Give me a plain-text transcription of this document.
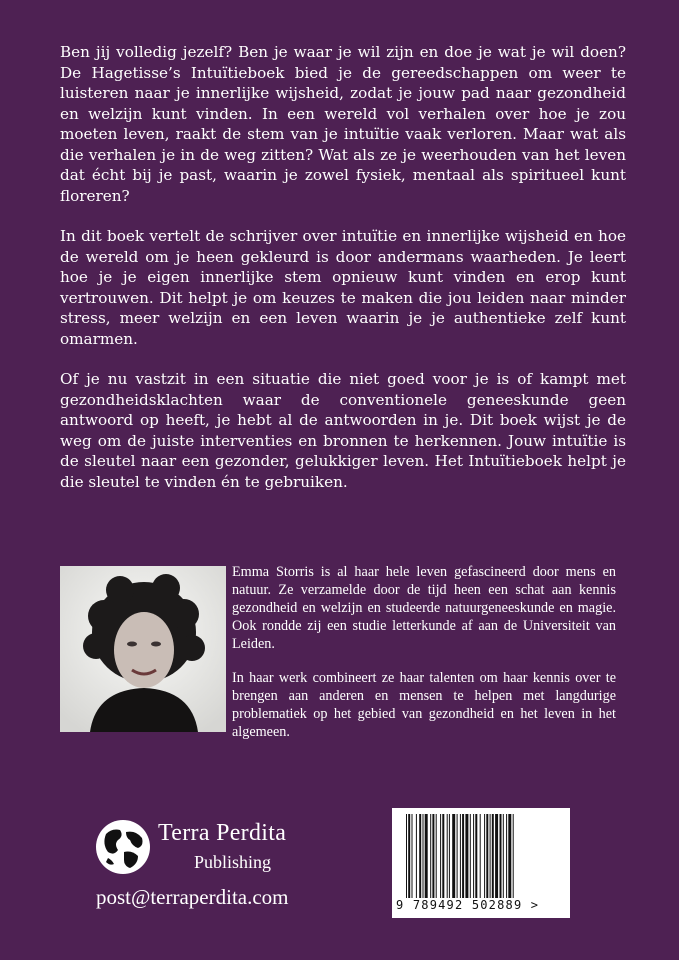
Ben jij volledig jezelf? Ben je waar je wil zijn en doe je wat je wil doen? De Hagetisse’s Intuïtieboek bied je de gereedschappen om weer te luisteren naar je innerlijke wijsheid, zodat je jouw pad naar gezondheid en welzijn kunt vinden. In een wereld vol verhalen over hoe je zou moeten leven, raakt de stem van je intuïtie vaak verloren. Maar wat als die verhalen je in de weg zitten? Wat als ze je weerhouden van het leven dat écht bij je past, waarin je zowel fysiek, mentaal als spiritueel kunt floreren?

In dit boek vertelt de schrijver over intuïtie en innerlijke wijsheid en hoe de wereld om je heen gekleurd is door andermans waarheden. Je leert hoe je je eigen innerlijke stem opnieuw kunt vinden en erop kunt vertrouwen. Dit helpt je om keuzes te maken die jou leiden naar minder stress, meer welzijn en een leven waarin je je authentieke zelf kunt omarmen.

Of je nu vastzit in een situatie die niet goed voor je is of kampt met gezondheidsklachten waar de conventionele geneeskunde geen antwoord op heeft, je hebt al de antwoorden in je. Dit boek wijst je de weg om de juiste interventies en bronnen te herkennen. Jouw intuïtie is de sleutel naar een gezonder, gelukkiger leven. Het Intuïtieboek helpt je die sleutel te vinden én te gebruiken.

Emma Storris is al haar hele leven gefascineerd door mens en natuur. Ze verzamelde door de tijd heen een schat aan kennis gezondheid en welzijn en studeerde natuurgeneeskunde en magie. Ook rondde zij een studie letterkunde af aan de Universiteit van Leiden.

In haar werk combineert ze haar talenten om haar kennis over te brengen aan anderen en mensen te helpen met langdurige problematiek op het gebied van gezondheid en het leven in het algemeen.

Terra Perdita
Publishing
post@terraperdita.com	9 789492 502889 >
